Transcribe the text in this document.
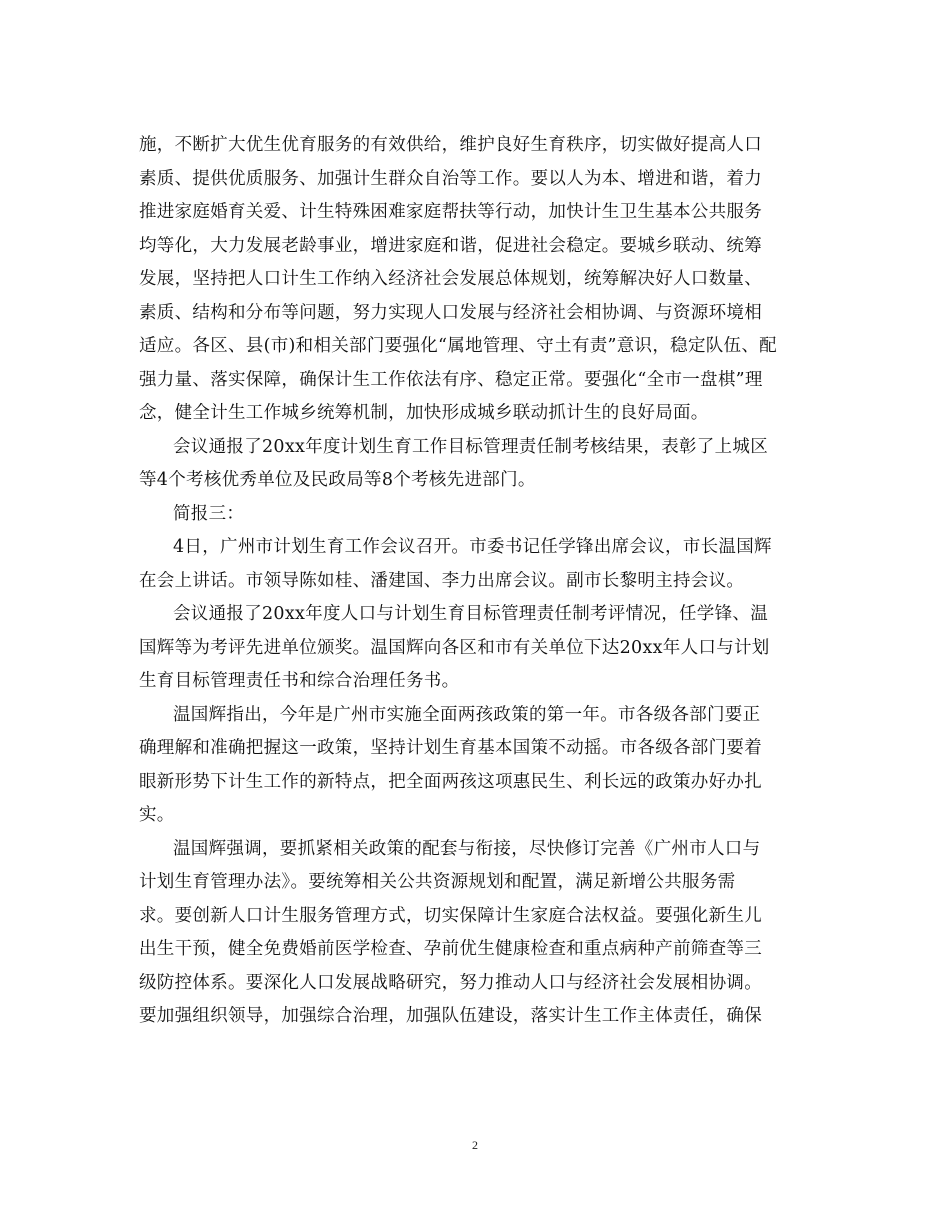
施，不断扩大优生优育服务的有效供给，维护良好生育秩序，切实做好提高人口
素质、提供优质服务、加强计生群众自治等工作。要以人为本、增进和谐，着力
推进家庭婚育关爱、计生特殊困难家庭帮扶等行动，加快计生卫生基本公共服务
均等化，大力发展老龄事业，增进家庭和谐，促进社会稳定。要城乡联动、统筹
发展，坚持把人口计生工作纳入经济社会发展总体规划，统筹解决好人口数量、
素质、结构和分布等问题，努力实现人口发展与经济社会相协调、与资源环境相
适应。各区、县(市)和相关部门要强化“属地管理、守土有责”意识，稳定队伍、配
强力量、落实保障，确保计生工作依法有序、稳定正常。要强化“全市一盘棋”理
念，健全计生工作城乡统筹机制，加快形成城乡联动抓计生的良好局面。
会议通报了20xx年度计划生育工作目标管理责任制考核结果，表彰了上城区
等4个考核优秀单位及民政局等8个考核先进部门。
简报三：
4日，广州市计划生育工作会议召开。市委书记任学锋出席会议，市长温国辉
在会上讲话。市领导陈如桂、潘建国、李力出席会议。副市长黎明主持会议。
会议通报了20xx年度人口与计划生育目标管理责任制考评情况，任学锋、温
国辉等为考评先进单位颁奖。温国辉向各区和市有关单位下达20xx年人口与计划
生育目标管理责任书和综合治理任务书。
温国辉指出，今年是广州市实施全面两孩政策的第一年。市各级各部门要正
确理解和准确把握这一政策，坚持计划生育基本国策不动摇。市各级各部门要着
眼新形势下计生工作的新特点，把全面两孩这项惠民生、利长远的政策办好办扎
实。
温国辉强调，要抓紧相关政策的配套与衔接，尽快修订完善《广州市人口与
计划生育管理办法》。要统筹相关公共资源规划和配置，满足新增公共服务需
求。要创新人口计生服务管理方式，切实保障计生家庭合法权益。要强化新生儿
出生干预，健全免费婚前医学检查、孕前优生健康检查和重点病种产前筛查等三
级防控体系。要深化人口发展战略研究，努力推动人口与经济社会发展相协调。
要加强组织领导，加强综合治理，加强队伍建设，落实计生工作主体责任，确保
2
